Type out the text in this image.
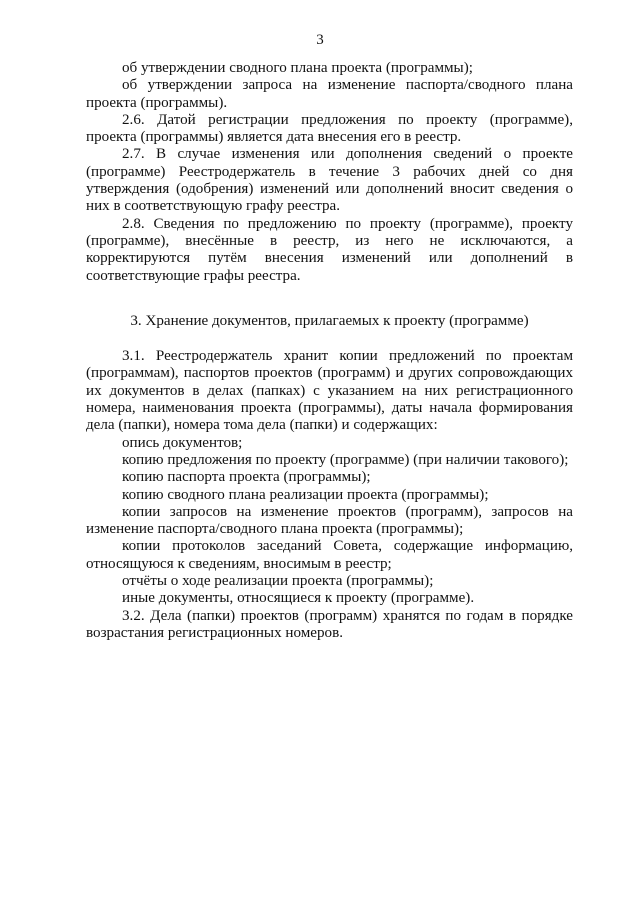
3

об утверждении сводного плана проекта (программы);

об утверждении запроса на изменение паспорта/сводного плана проекта (программы).

2.6. Датой регистрации предложения по проекту (программе), проекта (программы) является дата внесения его в реестр.

2.7. В случае изменения или дополнения сведений о проекте (программе) Реестродержатель в течение 3 рабочих дней со дня утверждения (одобрения) изменений или дополнений вносит сведения о них в соответствующую графу реестра.

2.8. Сведения по предложению по проекту (программе), проекту (программе), внесённые в реестр, из него не исключаются, а корректируются путём внесения изменений или дополнений в соответствующие графы реестра.

3. Хранение документов, прилагаемых к проекту (программе)

3.1. Реестродержатель хранит копии предложений по проектам (программам), паспортов проектов (программ) и других сопровождающих их документов в делах (папках) с указанием на них регистрационного номера, наименования проекта (программы), даты начала формирования дела (папки), номера тома дела (папки) и содержащих:

опись документов;

копию предложения по проекту (программе) (при наличии такового);

копию паспорта проекта (программы);

копию сводного плана реализации проекта (программы);

копии запросов на изменение проектов (программ), запросов на изменение паспорта/сводного плана проекта (программы);

копии протоколов заседаний Совета, содержащие информацию, относящуюся к сведениям, вносимым в реестр;

отчёты о ходе реализации проекта (программы);

иные документы, относящиеся к проекту (программе).

3.2. Дела (папки) проектов (программ) хранятся по годам в порядке возрастания регистрационных номеров.
